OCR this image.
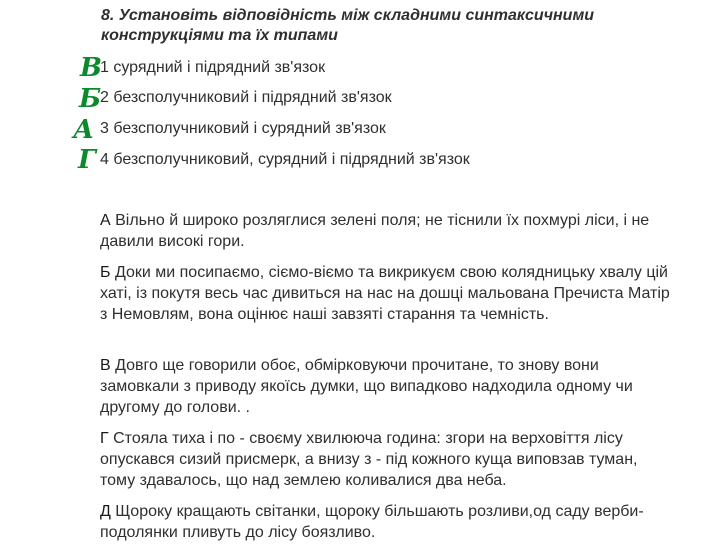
8. Установіть відповідність між складними синтаксичними конструкціями та їх типами
В
Б
А
Г
1 сурядний і підрядний зв'язок
2 безсполучниковий і підрядний зв'язок
3 безсполучниковий і сурядний зв'язок
4 безсполучниковий, сурядний і підрядний зв'язок
А Вільно й широко розляглися зелені поля; не тіснили їх похмурі ліси, і не давили високі гори.
Б Доки ми посипаємо, сіємо-віємо та викрикуєм свою колядницьку хвалу цій хаті, із покутя весь час дивиться на нас на дошці мальована Пречиста Матір з Немовлям, вона оцінює наші завзяті старання та чемність.
В Довго ще говорили обоє, обмірковуючи прочитане, то знову вони замовкали з приводу якоїсь думки, що випадково надходила одному чи другому до голови. .
Г Стояла тиха і по - своєму хвилююча година: згори на верховіття лісу опускався сизий присмерк, а внизу з - під кожного куща виповзав туман, тому здавалось, що над землею коливалися два неба.
Д Щороку кращають світанки, щороку більшають розливи,од саду верби-подолянки пливуть до лісу боязливо.
